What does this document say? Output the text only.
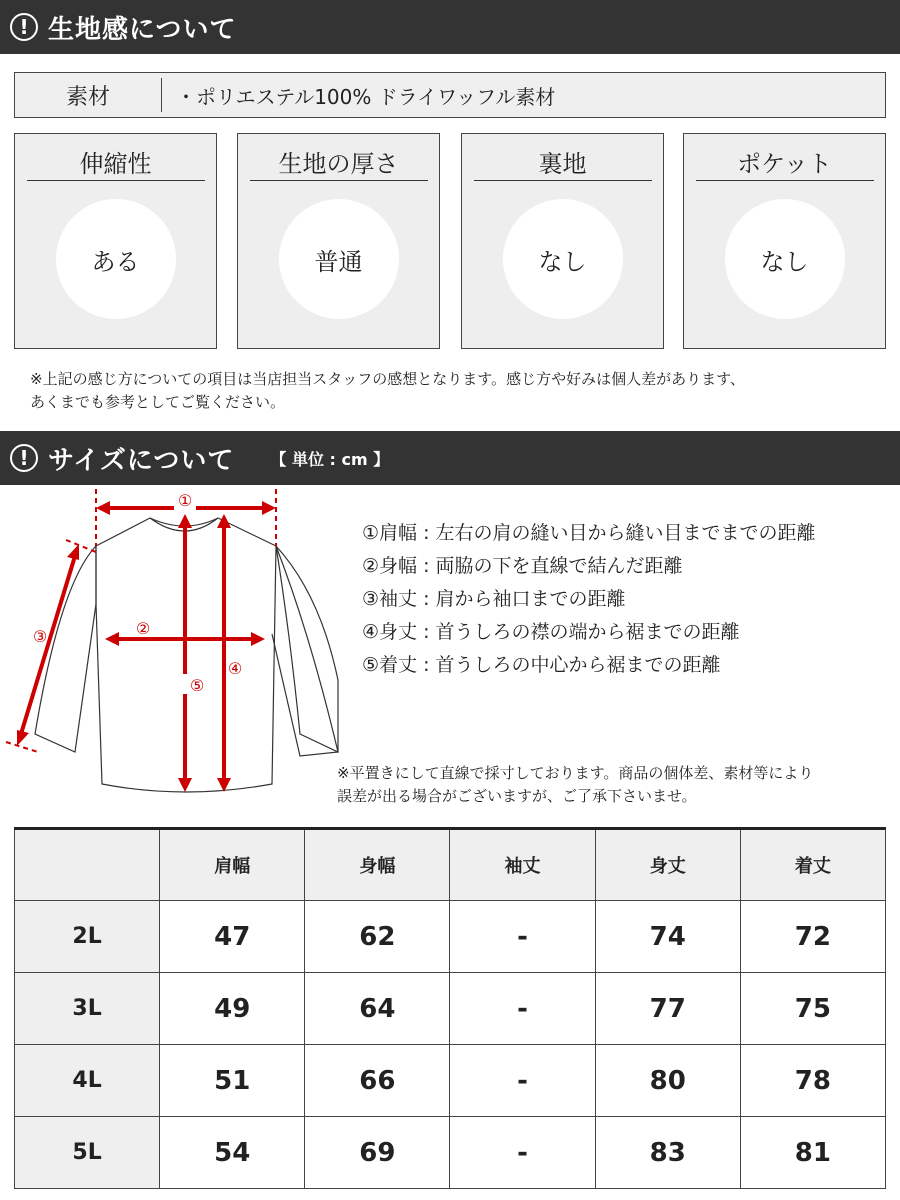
! 生地感について
素材	・ポリエステル100% ドライワッフル素材
伸縮性
ある
生地の厚さ
普通
裏地
なし
ポケット
なし
※上記の感じ方についての項目は当店担当スタッフの感想となります。感じ方や好みは個人差があります、
あくまでも参考としてご覧ください。
! サイズについて 【 単位 : cm 】
①
②
③
⑤
④
①肩幅 : 左右の肩の縫い目から縫い目までまでの距離
②身幅 : 両脇の下を直線で結んだ距離
③袖丈 : 肩から袖口までの距離
④身丈 : 首うしろの襟の端から裾までの距離
⑤着丈 : 首うしろの中心から裾までの距離
※平置きにして直線で採寸しております。商品の個体差、素材等により
誤差が出る場合がございますが、ご了承下さいませ。
	肩幅	身幅	袖丈	身丈	着丈
2L	47	62	-	74	72
3L	49	64	-	77	75
4L	51	66	-	80	78
5L	54	69	-	83	81
